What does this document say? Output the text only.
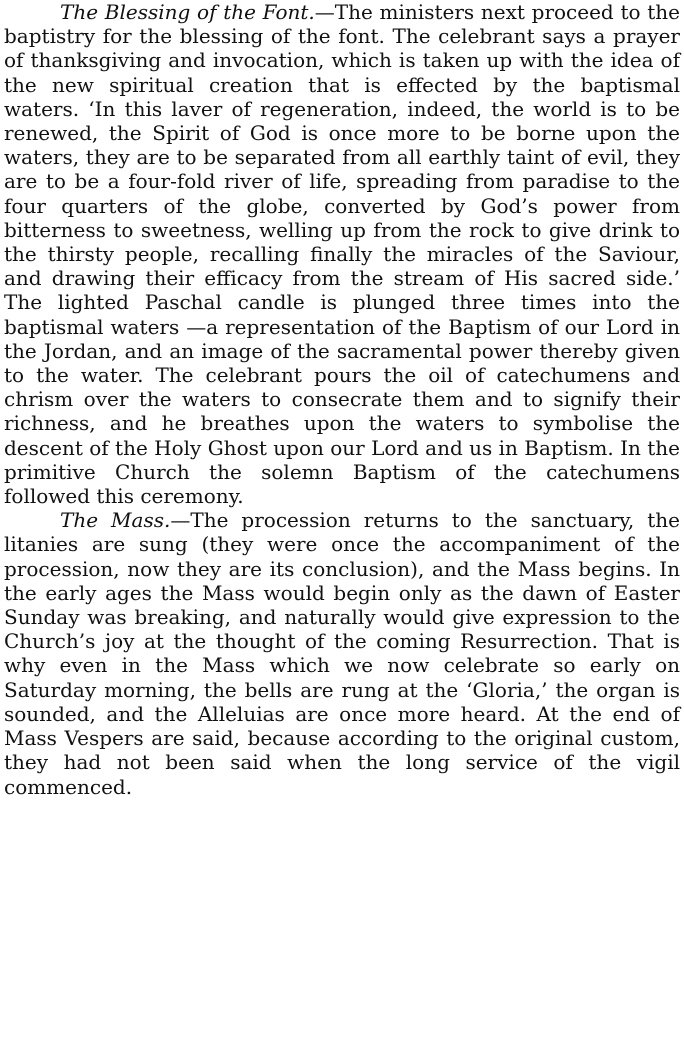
The Blessing of the Font.—The ministers next proceed to the baptistry for the blessing of the font. The celebrant says a prayer of thanksgiving and invocation, which is taken up with the idea of the new spiritual creation that is effected by the baptismal waters. ‘In this laver of regeneration, indeed, the world is to be renewed, the Spirit of God is once more to be borne upon the waters, they are to be separated from all earthly taint of evil, they are to be a four-fold river of life, spreading from paradise to the four quarters of the globe, converted by God’s power from bitterness to sweetness, welling up from the rock to give drink to the thirsty people, recalling finally the miracles of the Saviour, and drawing their efficacy from the stream of His sacred side.’ The lighted Paschal candle is plunged three times into the baptismal waters —a representation of the Baptism of our Lord in the Jordan, and an image of the sacramental power thereby given to the water. The celebrant pours the oil of catechumens and chrism over the waters to consecrate them and to signify their richness, and he breathes upon the waters to symbolise the descent of the Holy Ghost upon our Lord and us in Baptism. In the primitive Church the solemn Baptism of the catechumens followed this ceremony.

The Mass.—The procession returns to the sanctuary, the litanies are sung (they were once the accompaniment of the procession, now they are its conclusion), and the Mass begins. In the early ages the Mass would begin only as the dawn of Easter Sunday was breaking, and naturally would give expression to the Church’s joy at the thought of the coming Resurrection. That is why even in the Mass which we now celebrate so early on Saturday morning, the bells are rung at the ‘Gloria,’ the organ is sounded, and the Alleluias are once more heard. At the end of Mass Vespers are said, because according to the original custom, they had not been said when the long service of the vigil commenced.
